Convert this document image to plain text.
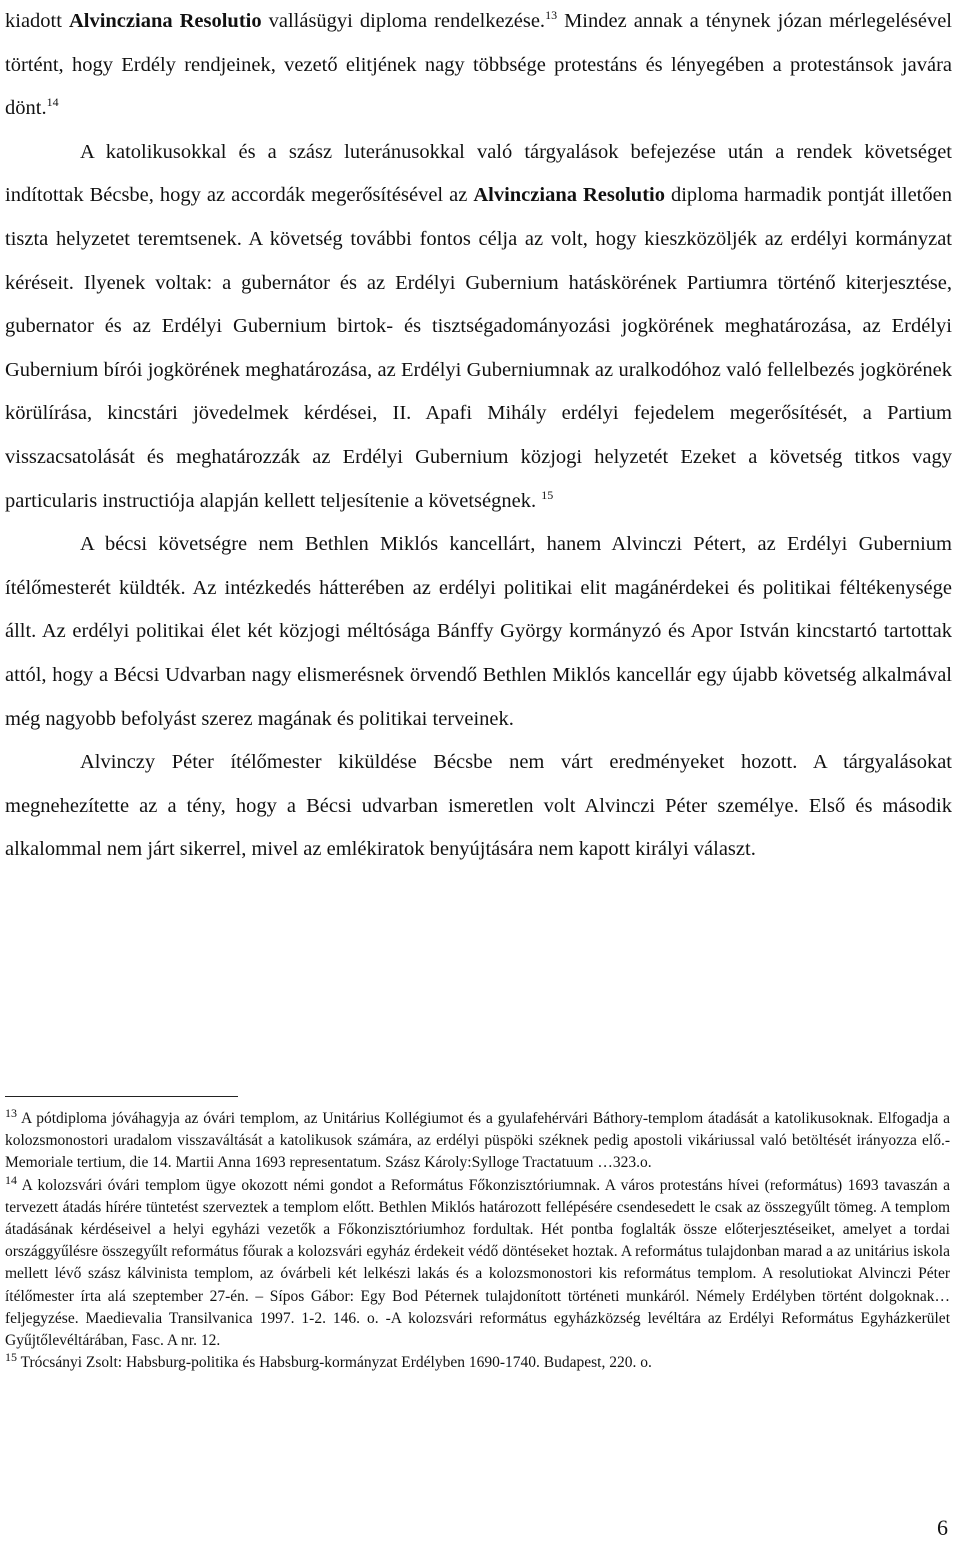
kiadott Alvincziana Resolutio vallásügyi diploma rendelkezése.$^{13}$ Mindez annak a ténynek józan mérlegelésével történt, hogy Erdély rendjeinek, vezető elitjének nagy többsége protestáns és lényegében a protestánsok javára dönt.$^{14}$

A katolikusokkal és a szász luteránusokkal való tárgyalások befejezése után a rendek követséget indítottak Bécsbe, hogy az accordák megerősítésével az Alvincziana Resolutio diploma harmadik pontját illetően tiszta helyzetet teremtsenek. A követség további fontos célja az volt, hogy kieszközöljék az erdélyi kormányzat kéréseit. Ilyenek voltak: a gubernátor és az Erdélyi Gubernium hatáskörének Partiumra történő kiterjesztése, gubernator és az Erdélyi Gubernium birtok- és tisztségadományozási jogkörének meghatározása, az Erdélyi Gubernium bírói jogkörének meghatározása, az Erdélyi Guberniumnak az uralkodóhoz való fellelbezés jogkörének körülírása, kincstári jövedelmek kérdései, II. Apafi Mihály erdélyi fejedelem megerősítését, a Partium visszacsatolását és meghatározzák az Erdélyi Gubernium közjogi helyzetét Ezeket a követség titkos vagy particularis instructiója alapján kellett teljesítenie a követségnek. $^{15}$

A bécsi követségre nem Bethlen Miklós kancellárt, hanem Alvinczi Pétert, az Erdélyi Gubernium ítélőmesterét küldték. Az intézkedés hátterében az erdélyi politikai elit magánérdekei és politikai féltékenysége állt. Az erdélyi politikai élet két közjogi méltósága Bánffy György kormányzó és Apor István kincstartó tartottak attól, hogy a Bécsi Udvarban nagy elismerésnek örvendő Bethlen Miklós kancellár egy újabb követség alkalmával még nagyobb befolyást szerez magának és politikai terveinek.

Alvinczy Péter ítélőmester kiküldése Bécsbe nem várt eredményeket hozott. A tárgyalásokat megnehezítette az a tény, hogy a Bécsi udvarban ismeretlen volt Alvinczi Péter személye. Első és második alkalommal nem járt sikerrel, mivel az emlékiratok benyújtására nem kapott királyi választ.

$^{13}$ A pótdiploma jóváhagyja az óvári templom, az Unitárius Kollégiumot és a gyulafehérvári Báthory-templom átadását a katolikusoknak. Elfogadja a kolozsmonostori uradalom visszaváltását a katolikusok számára, az erdélyi püspöki széknek pedig apostoli vikáriussal való betöltését irányozza elő.-Memoriale tertium, die 14. Martii Anna 1693 representatum. Szász Károly:Sylloge Tractatuum …323.o.

$^{14}$ A kolozsvári óvári templom ügye okozott némi gondot a Református Főkonzisztóriumnak. A város protestáns hívei (református) 1693 tavaszán a tervezett átadás hírére tüntetést szerveztek a templom előtt. Bethlen Miklós határozott fellépésére csendesedett le csak az összegyűlt tömeg. A templom átadásának kérdéseivel a helyi egyházi vezetők a Főkonzisztóriumhoz fordultak. Hét pontba foglalták össze előterjesztéseiket, amelyet a tordai országgyűlésre összegyűlt református főurak a kolozsvári egyház érdekeit védő döntéseket hoztak. A református tulajdonban marad a az unitárius iskola mellett lévő szász kálvinista templom, az óvárbeli két lelkészi lakás és a kolozsmonostori kis református templom. A resolutiokat Alvinczi Péter ítélőmester írta alá szeptember 27-én. – Sípos Gábor: Egy Bod Péternek tulajdonított történeti munkáról. Némely Erdélyben történt dolgoknak… feljegyzése. Maedievalia Transilvanica 1997. 1-2. 146. o. -A kolozsvári református egyházközség levéltára az Erdélyi Református Egyházkerület Gyűjtőlevéltárában, Fasc. A nr. 12.

$^{15}$ Trócsányi Zsolt: Habsburg-politika és Habsburg-kormányzat Erdélyben 1690-1740. Budapest, 220. o.

6
